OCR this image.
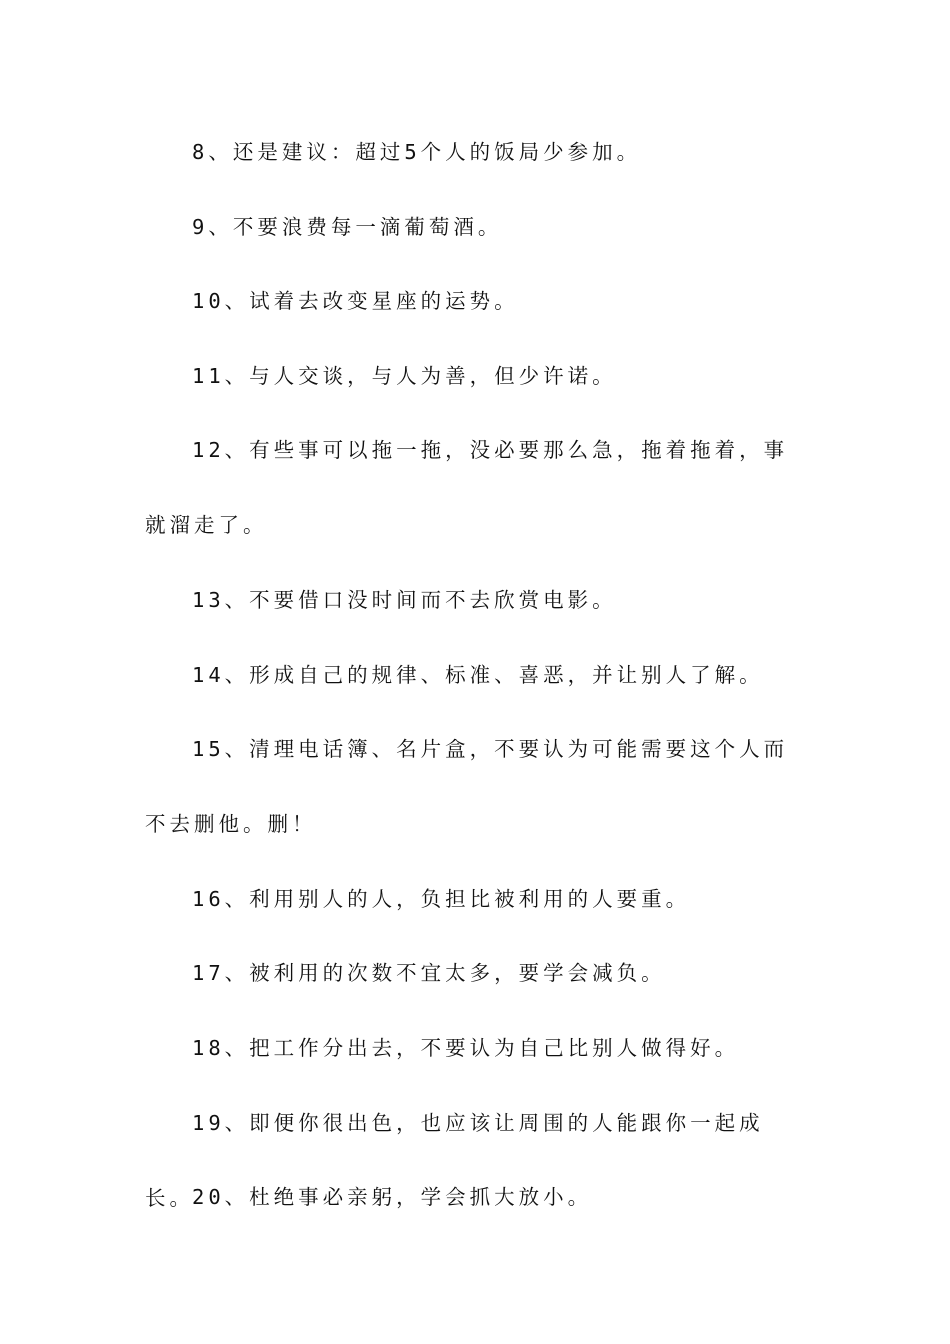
8、还是建议：超过5个人的饭局少参加。

9、不要浪费每一滴葡萄酒。

10、试着去改变星座的运势。

11、与人交谈，与人为善，但少许诺。

12、有些事可以拖一拖，没必要那么急，拖着拖着，事就溜走了。

13、不要借口没时间而不去欣赏电影。

14、形成自己的规律、标准、喜恶，并让别人了解。

15、清理电话簿、名片盒，不要认为可能需要这个人而不去删他。删！

16、利用别人的人，负担比被利用的人要重。

17、被利用的次数不宜太多，要学会减负。

18、把工作分出去，不要认为自己比别人做得好。

19、即便你很出色，也应该让周围的人能跟你一起成长。

20、杜绝事必亲躬，学会抓大放小。
